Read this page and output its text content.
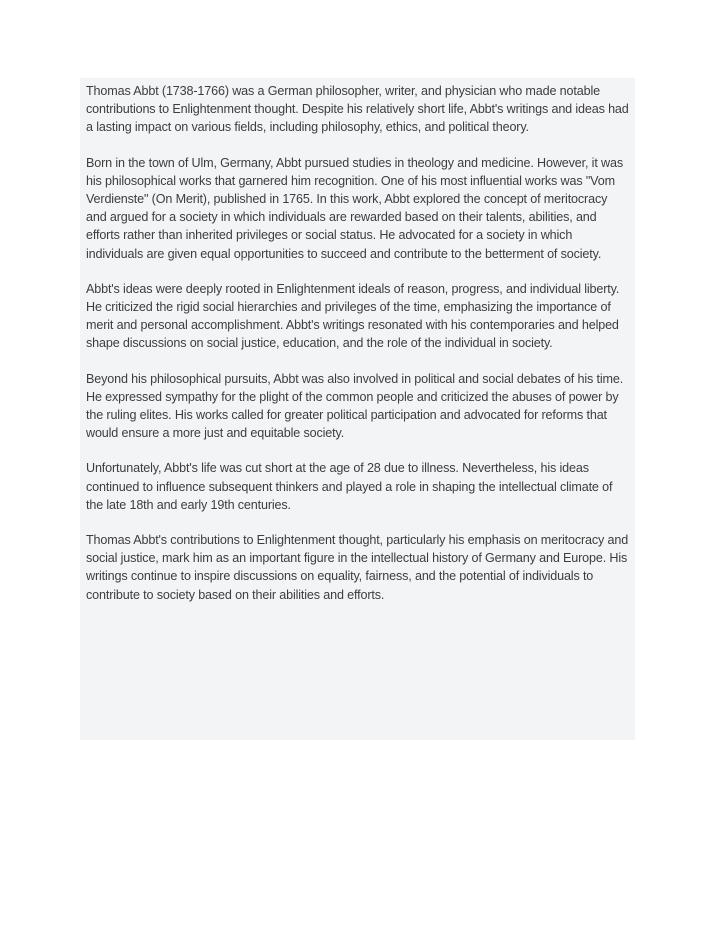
Thomas Abbt (1738-1766) was a German philosopher, writer, and physician who made notable contributions to Enlightenment thought. Despite his relatively short life, Abbt's writings and ideas had a lasting impact on various fields, including philosophy, ethics, and political theory.

Born in the town of Ulm, Germany, Abbt pursued studies in theology and medicine. However, it was his philosophical works that garnered him recognition. One of his most influential works was "Vom Verdienste" (On Merit), published in 1765. In this work, Abbt explored the concept of meritocracy and argued for a society in which individuals are rewarded based on their talents, abilities, and efforts rather than inherited privileges or social status. He advocated for a society in which individuals are given equal opportunities to succeed and contribute to the betterment of society.

Abbt's ideas were deeply rooted in Enlightenment ideals of reason, progress, and individual liberty. He criticized the rigid social hierarchies and privileges of the time, emphasizing the importance of merit and personal accomplishment. Abbt's writings resonated with his contemporaries and helped shape discussions on social justice, education, and the role of the individual in society.

Beyond his philosophical pursuits, Abbt was also involved in political and social debates of his time. He expressed sympathy for the plight of the common people and criticized the abuses of power by the ruling elites. His works called for greater political participation and advocated for reforms that would ensure a more just and equitable society.

Unfortunately, Abbt's life was cut short at the age of 28 due to illness. Nevertheless, his ideas continued to influence subsequent thinkers and played a role in shaping the intellectual climate of the late 18th and early 19th centuries.

Thomas Abbt's contributions to Enlightenment thought, particularly his emphasis on meritocracy and social justice, mark him as an important figure in the intellectual history of Germany and Europe. His writings continue to inspire discussions on equality, fairness, and the potential of individuals to contribute to society based on their abilities and efforts.
